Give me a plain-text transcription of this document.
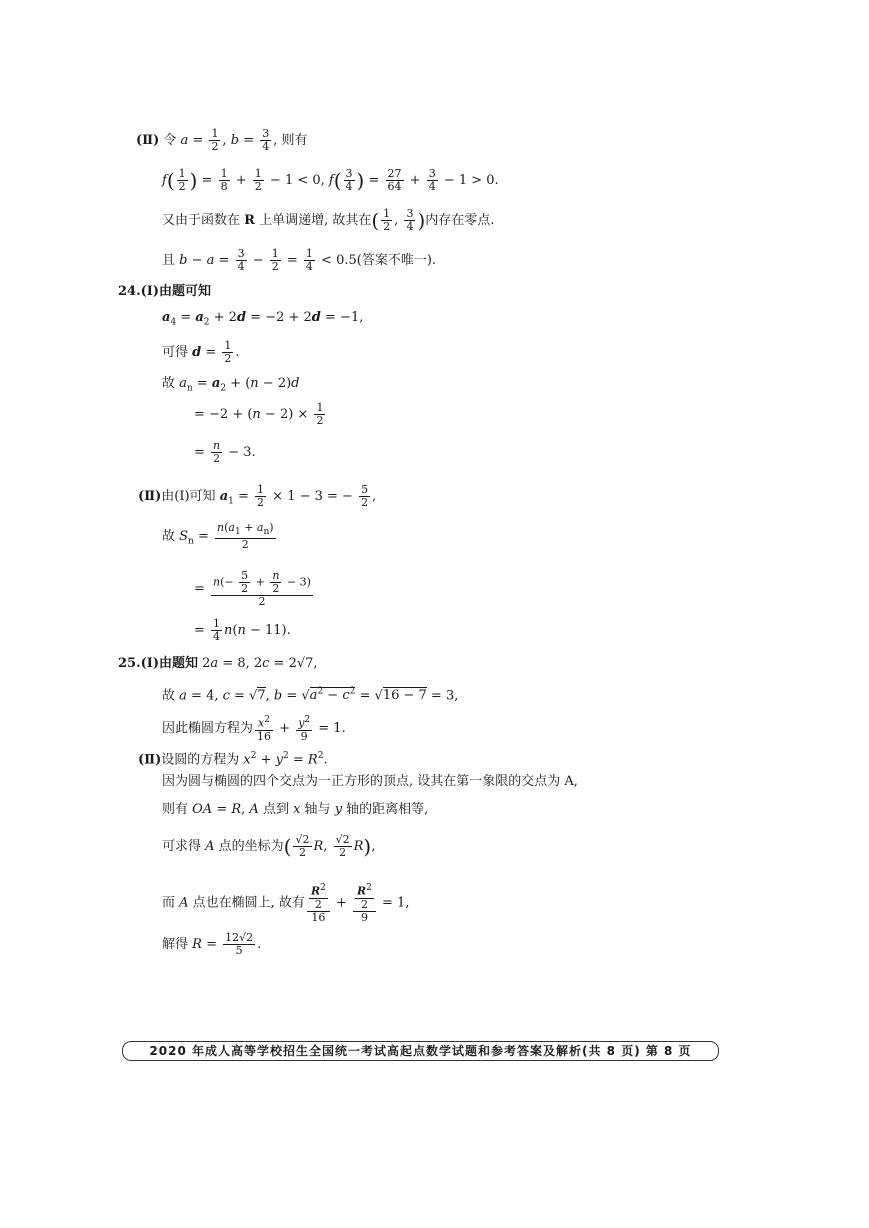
(Ⅱ) 令 $a = \frac{1}{2}$ , $b = \frac{3}{4}$ , 则有
$f( \frac{1}{2}$ ) = $\frac{1}{8} + \frac{1}{2} - 1 < 0$, $f( \frac{3}{4}$ ) = $\frac{27}{64} + \frac{3}{4} - 1 > 0$.
又由于函数在 R 上单调递增, 故其在( $\frac{1}{2}$ , $\frac{3}{4}$ )内存在零点.
且 $b - a = \frac{3}{4} - \frac{1}{2} = \frac{1}{4} < 0.5$(答案不唯一).
24.(Ⅰ)由题可知
$a_4 = a_2 + 2d = -2 + 2d = -1$,
可得 $d = \frac{1}{2}$ .
故 $a_n = a_2 + (n - 2)d$
= $-2 + (n - 2) \times \frac{1}{2}$
= $\frac{n}{2} - 3$.
(Ⅱ)由(Ⅰ)可知 $a_1 = \frac{1}{2} \times 1 - 3$ = − $\frac{5}{2}$ ,
故 $S_n = \frac{n(a_1 + a_n)}{2}$
= $\frac{n(- \frac{5}{2} + \frac{n}{2} - 3)}{2}$
= $\frac{1}{4} n(n - 11)$.
25.(Ⅰ)由题知 2a = 8, 2c = 2√7,
故 a = 4, c = √7, $b = √a^2 - c^2 = √16 - 7 = 3$,
因此椭圆方程为 $\frac{x^2}{16} + \frac{y^2}{9} = 1$.
(Ⅱ)设圆的方程为 $x^2 + y^2 = R^2$.
因为圆与椭圆的四个交点为一正方形的顶点, 设其在第一象限的交点为 A,
则有 OA = R, A 点到 x 轴与 y 轴的距离相等,
可求得 A 点的坐标为( $\frac{√2}{2} R$, $\frac{√2}{2} R$),
而 A 点也在椭圆上, 故有 $\frac{\frac{R^2}{2}}{16} + \frac{\frac{R^2}{2}}{9} = 1$,
解得 $R = \frac{12√2}{5}$ .
2020 年成人高等学校招生全国统一考试高起点数学试题和参考答案及解析(共 8 页) 第 8 页
